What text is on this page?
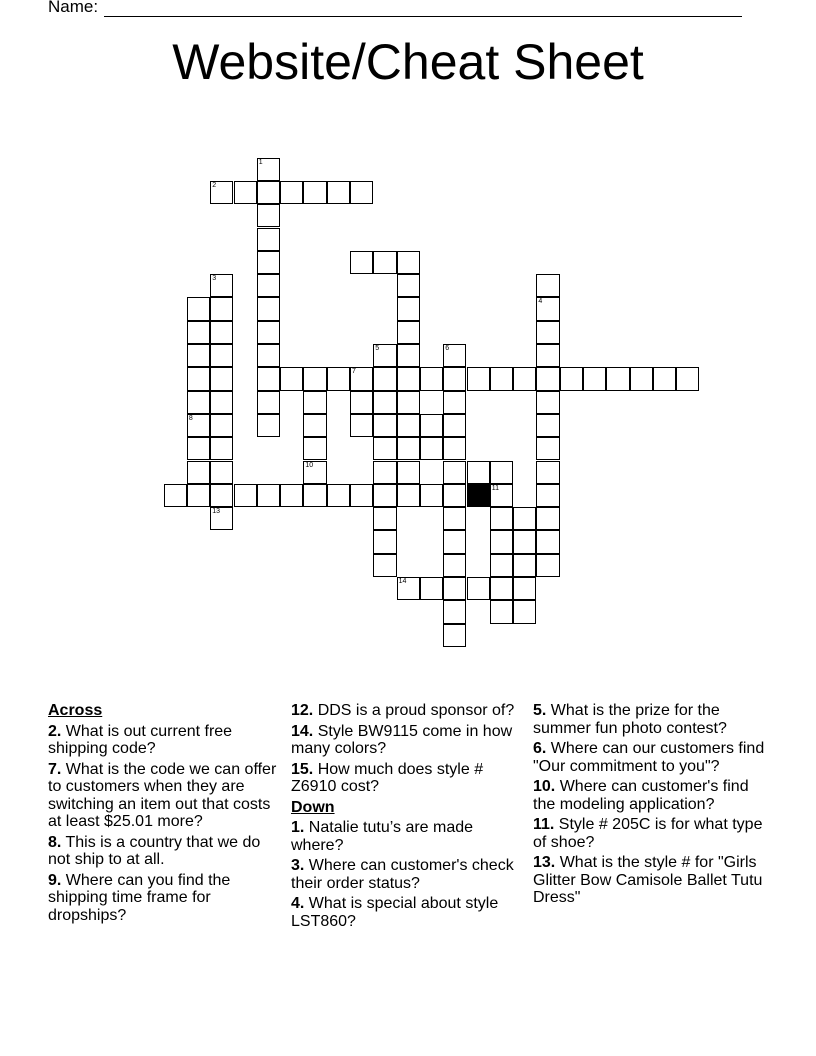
Name:
Website/Cheat Sheet
1
2
3
13
8
7
10
11
4
6
5
14
Across
2. What is out current free shipping code?
7. What is the code we can offer to customers when they are switching an item out that costs at least $25.01 more?
8. This is a country that we do not ship to at all.
9. Where can you find the shipping time frame for dropships?
12. DDS is a proud sponsor of?
14. Style BW9115 come in how many colors?
15. How much does style # Z6910 cost?
Down
1. Natalie tutu’s are made where?
3. Where can customer's check their order status?
4. What is special about style LST860?
5. What is the prize for the summer fun photo contest?
6. Where can our customers find "Our commitment to you"?
10. Where can customer's find the modeling application?
11. Style # 205C is for what type of shoe?
13. What is the style # for "Girls Glitter Bow Camisole Ballet Tutu Dress"
